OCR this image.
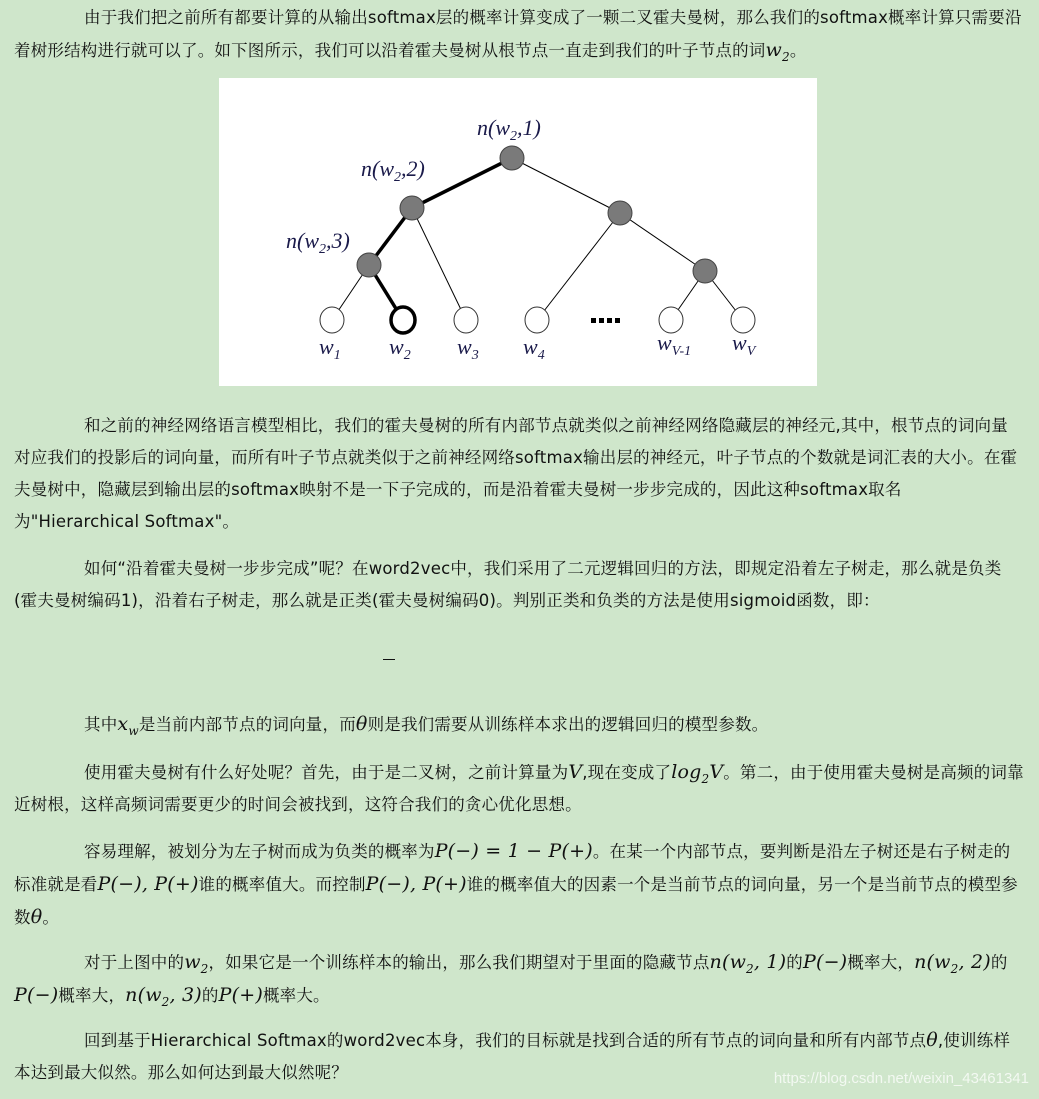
由于我们把之前所有都要计算的从输出softmax层的概率计算变成了一颗二叉霍夫曼树，那么我们的softmax概率计算只需要沿着树形结构进行就可以了。如下图所示，我们可以沿着霍夫曼树从根节点一直走到我们的叶子节点的词$w_2$。

$n(w_2,1)$
$n(w_2,2)$
$n(w_2,3)$
$w_1$ $w_2$ $w_3$ $w_4$
$w_{V-1}$ $w_V$

和之前的神经网络语言模型相比，我们的霍夫曼树的所有内部节点就类似之前神经网络隐藏层的神经元,其中，根节点的词向量对应我们的投影后的词向量，而所有叶子节点就类似于之前神经网络softmax输出层的神经元，叶子节点的个数就是词汇表的大小。在霍夫曼树中，隐藏层到输出层的softmax映射不是一下子完成的，而是沿着霍夫曼树一步步完成的，因此这种softmax取名为"Hierarchical Softmax"。

如何“沿着霍夫曼树一步步完成”呢？在word2vec中，我们采用了二元逻辑回归的方法，即规定沿着左子树走，那么就是负类(霍夫曼树编码1)，沿着右子树走，那么就是正类(霍夫曼树编码0)。判别正类和负类的方法是使用sigmoid函数，即：

其中$x_w$是当前内部节点的词向量，而θ则是我们需要从训练样本求出的逻辑回归的模型参数。

使用霍夫曼树有什么好处呢？首先，由于是二叉树，之前计算量为V,现在变成了$\log_2V$。第二，由于使用霍夫曼树是高频的词靠近树根，这样高频词需要更少的时间会被找到，这符合我们的贪心优化思想。

容易理解，被划分为左子树而成为负类的概率为P(−) = 1 − P(+)。在某一个内部节点，要判断是沿左子树还是右子树走的标准就是看P(−), P(+)谁的概率值大。而控制P(−), P(+)谁的概率值大的因素一个是当前节点的词向量，另一个是当前节点的模型参数θ。

对于上图中的$w_2$，如果它是一个训练样本的输出，那么我们期望对于里面的隐藏节点$n(w_2$, 1)的P(−)概率大，$n(w_2$, 2)的P(−)概率大，$n(w_2$, 3)的P(+)概率大。

回到基于Hierarchical Softmax的word2vec本身，我们的目标就是找到合适的所有节点的词向量和所有内部节点θ,使训练样本达到最大似然。那么如何达到最大似然呢？	https://blog.csdn.net/weixin_43461341
